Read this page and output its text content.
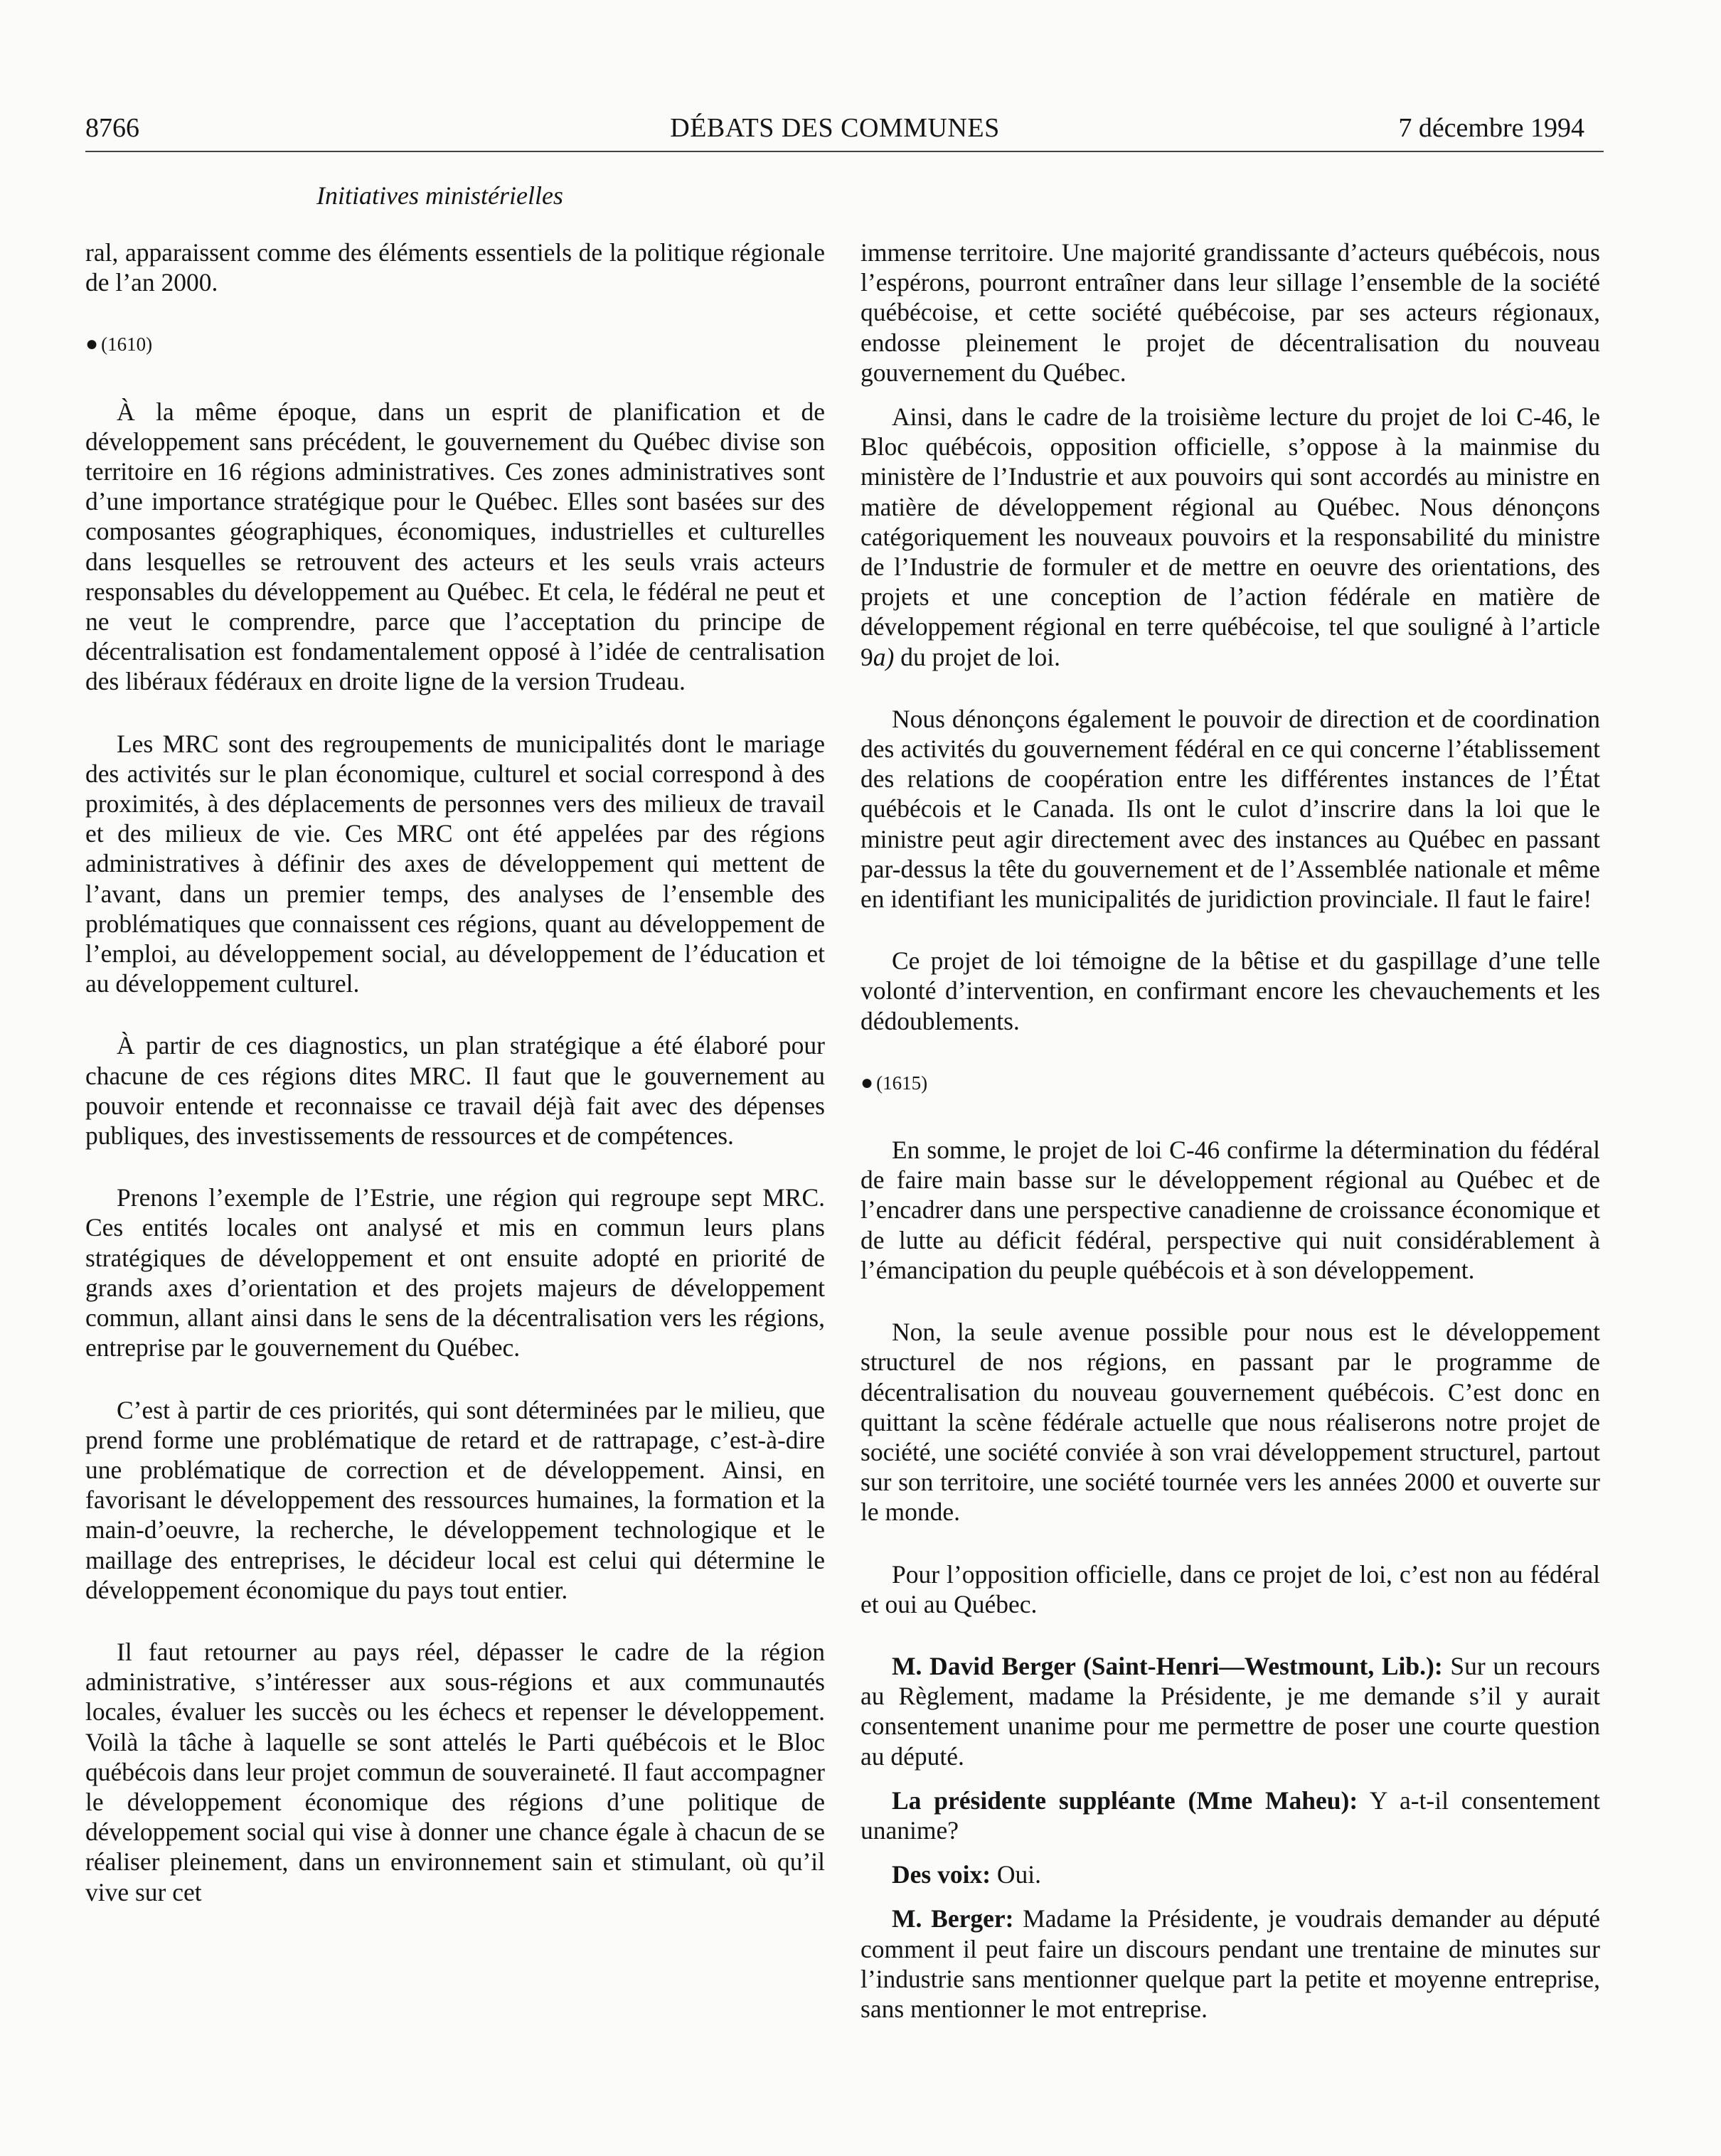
8766	DÉBATS DES COMMUNES	7 décembre 1994
Initiatives ministérielles

ral, apparaissent comme des éléments essentiels de la politique régionale de l’an 2000.

● (1610)

À la même époque, dans un esprit de planification et de développement sans précédent, le gouvernement du Québec divise son territoire en 16 régions administratives. Ces zones administratives sont d’une importance stratégique pour le Québec. Elles sont basées sur des composantes géographiques, économiques, industrielles et culturelles dans lesquelles se retrouvent des acteurs et les seuls vrais acteurs responsables du développement au Québec. Et cela, le fédéral ne peut et ne veut le comprendre, parce que l’acceptation du principe de décentralisation est fondamentalement opposé à l’idée de centralisation des libéraux fédéraux en droite ligne de la version Trudeau.

Les MRC sont des regroupements de municipalités dont le mariage des activités sur le plan économique, culturel et social correspond à des proximités, à des déplacements de personnes vers des milieux de travail et des milieux de vie. Ces MRC ont été appelées par des régions administratives à définir des axes de développement qui mettent de l’avant, dans un premier temps, des analyses de l’ensemble des problématiques que connaissent ces régions, quant au développement de l’emploi, au développement social, au développement de l’éducation et au développement culturel.

À partir de ces diagnostics, un plan stratégique a été élaboré pour chacune de ces régions dites MRC. Il faut que le gouvernement au pouvoir entende et reconnaisse ce travail déjà fait avec des dépenses publiques, des investissements de ressources et de compétences.

Prenons l’exemple de l’Estrie, une région qui regroupe sept MRC. Ces entités locales ont analysé et mis en commun leurs plans stratégiques de développement et ont ensuite adopté en priorité de grands axes d’orientation et des projets majeurs de développement commun, allant ainsi dans le sens de la décentralisation vers les régions, entreprise par le gouvernement du Québec.

C’est à partir de ces priorités, qui sont déterminées par le milieu, que prend forme une problématique de retard et de rattrapage, c’est-à-dire une problématique de correction et de développement. Ainsi, en favorisant le développement des ressources humaines, la formation et la main-d’oeuvre, la recherche, le développement technologique et le maillage des entreprises, le décideur local est celui qui détermine le développement économique du pays tout entier.

Il faut retourner au pays réel, dépasser le cadre de la région administrative, s’intéresser aux sous-régions et aux communautés locales, évaluer les succès ou les échecs et repenser le développement. Voilà la tâche à laquelle se sont attelés le Parti québécois et le Bloc québécois dans leur projet commun de souveraineté. Il faut accompagner le développement économique des régions d’une politique de développement social qui vise à donner une chance égale à chacun de se réaliser pleinement, dans un environnement sain et stimulant, où qu’il vive sur cet

immense territoire. Une majorité grandissante d’acteurs québécois, nous l’espérons, pourront entraîner dans leur sillage l’ensemble de la société québécoise, et cette société québécoise, par ses acteurs régionaux, endosse pleinement le projet de décentralisation du nouveau gouvernement du Québec.

Ainsi, dans le cadre de la troisième lecture du projet de loi C-46, le Bloc québécois, opposition officielle, s’oppose à la mainmise du ministère de l’Industrie et aux pouvoirs qui sont accordés au ministre en matière de développement régional au Québec. Nous dénonçons catégoriquement les nouveaux pouvoirs et la responsabilité du ministre de l’Industrie de formuler et de mettre en oeuvre des orientations, des projets et une conception de l’action fédérale en matière de développement régional en terre québécoise, tel que souligné à l’article 9a) du projet de loi.

Nous dénonçons également le pouvoir de direction et de coordination des activités du gouvernement fédéral en ce qui concerne l’établissement des relations de coopération entre les différentes instances de l’État québécois et le Canada. Ils ont le culot d’inscrire dans la loi que le ministre peut agir directement avec des instances au Québec en passant par-dessus la tête du gouvernement et de l’Assemblée nationale et même en identifiant les municipalités de juridiction provinciale. Il faut le faire!

Ce projet de loi témoigne de la bêtise et du gaspillage d’une telle volonté d’intervention, en confirmant encore les chevauchements et les dédoublements.

● (1615)

En somme, le projet de loi C-46 confirme la détermination du fédéral de faire main basse sur le développement régional au Québec et de l’encadrer dans une perspective canadienne de croissance économique et de lutte au déficit fédéral, perspective qui nuit considérablement à l’émancipation du peuple québécois et à son développement.

Non, la seule avenue possible pour nous est le développement structurel de nos régions, en passant par le programme de décentralisation du nouveau gouvernement québécois. C’est donc en quittant la scène fédérale actuelle que nous réaliserons notre projet de société, une société conviée à son vrai développement structurel, partout sur son territoire, une société tournée vers les années 2000 et ouverte sur le monde.

Pour l’opposition officielle, dans ce projet de loi, c’est non au fédéral et oui au Québec.

M. David Berger (Saint-Henri—Westmount, Lib.): Sur un recours au Règlement, madame la Présidente, je me demande s’il y aurait consentement unanime pour me permettre de poser une courte question au député.

La présidente suppléante (Mme Maheu): Y a-t-il consentement unanime?

Des voix: Oui.

M. Berger: Madame la Présidente, je voudrais demander au député comment il peut faire un discours pendant une trentaine de minutes sur l’industrie sans mentionner quelque part la petite et moyenne entreprise, sans mentionner le mot entreprise.
